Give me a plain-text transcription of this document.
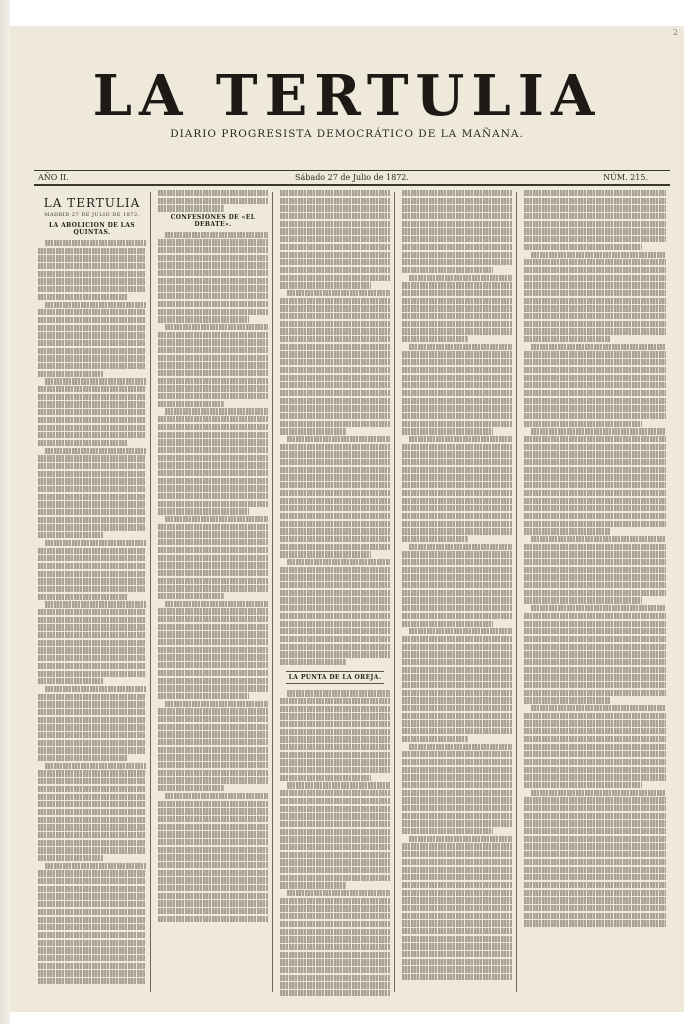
2
LA TERTULIA
DIARIO PROGRESISTA DEMOCRÁTICO DE LA MAÑANA.
AÑO II.	Sábado 27 de Julio de 1872.	NÚM. 215.
LA TERTULIA
MADRID 27 DE JULIO DE 1872.
LA ABOLICION DE LAS QUINTAS.
CONFESIONES DE «EL DEBATE».
LA PUNTA DE LA OREJA.
